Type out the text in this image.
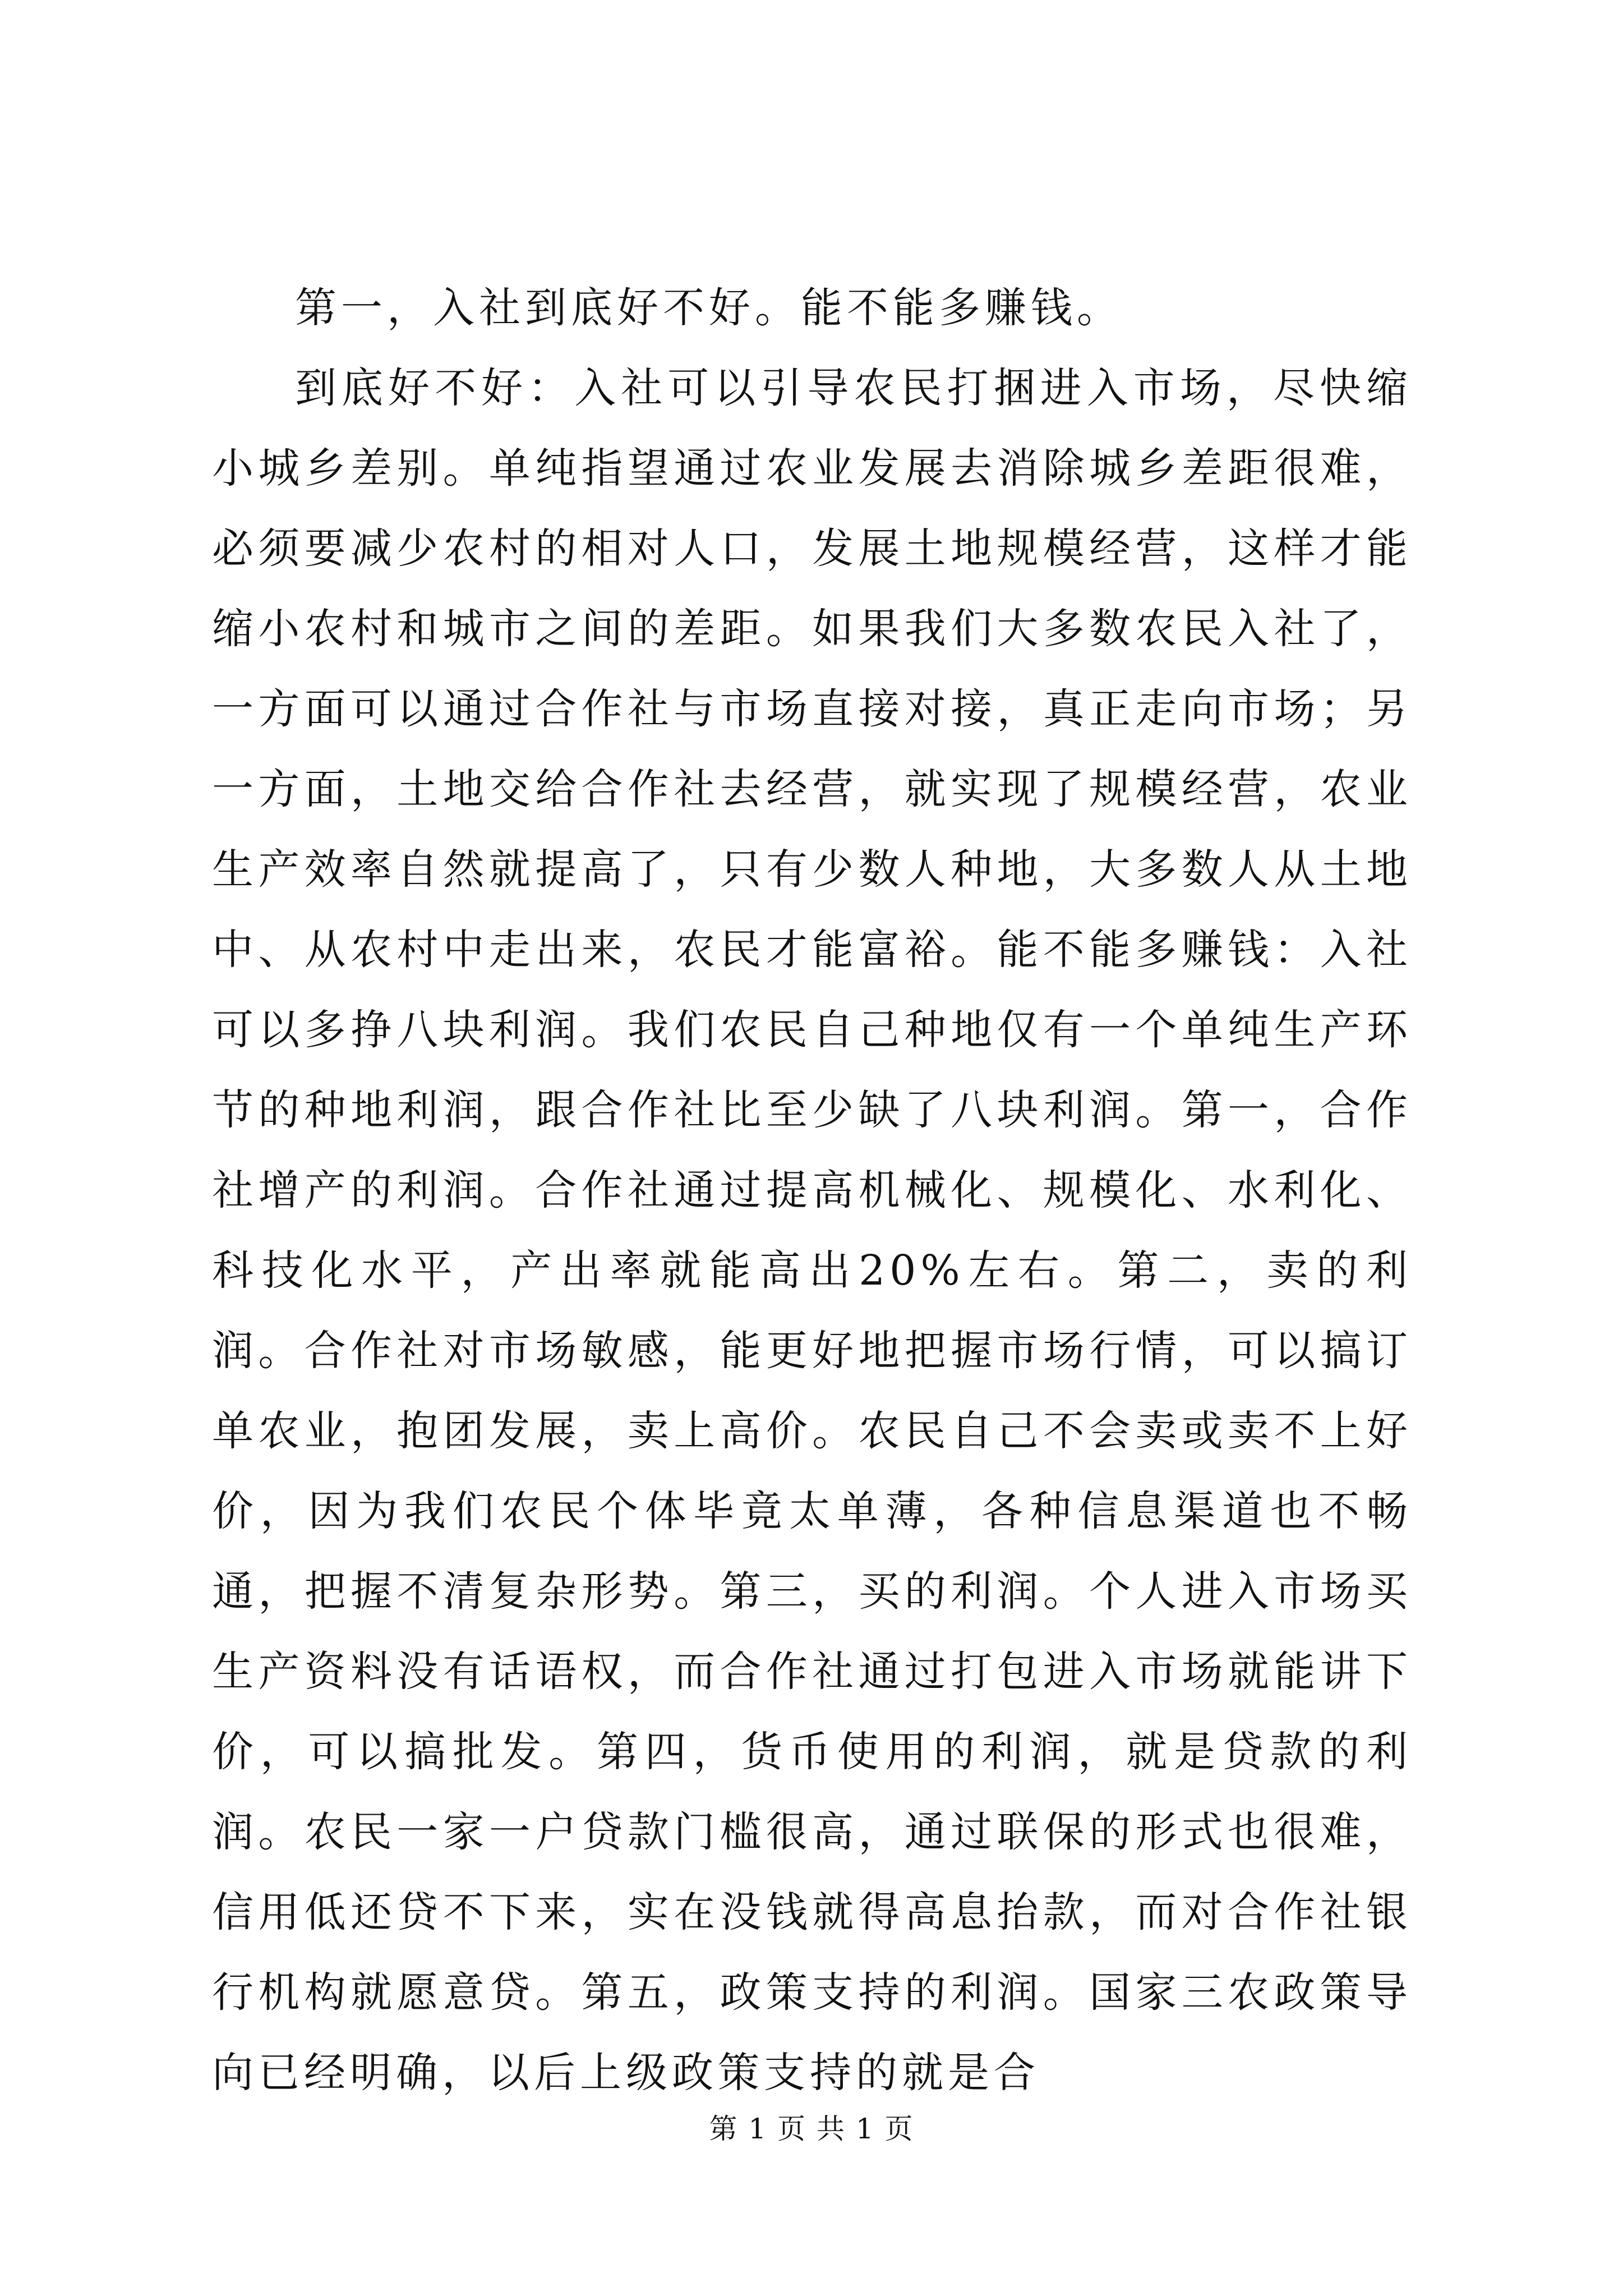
第一，入社到底好不好。能不能多赚钱。

到底好不好：入社可以引导农民打捆进入市场，尽快缩小城乡差别。单纯指望通过农业发展去消除城乡差距很难，必须要减少农村的相对人口，发展土地规模经营，这样才能缩小农村和城市之间的差距。如果我们大多数农民入社了，一方面可以通过合作社与市场直接对接，真正走向市场；另一方面，土地交给合作社去经营，就实现了规模经营，农业生产效率自然就提高了，只有少数人种地，大多数人从土地中、从农村中走出来，农民才能富裕。能不能多赚钱：入社可以多挣八块利润。我们农民自己种地仅有一个单纯生产环节的种地利润，跟合作社比至少缺了八块利润。第一，合作社增产的利润。合作社通过提高机械化、规模化、水利化、科技化水平，产出率就能高出20%左右。第二，卖的利润。合作社对市场敏感，能更好地把握市场行情，可以搞订单农业，抱团发展，卖上高价。农民自己不会卖或卖不上好价，因为我们农民个体毕竟太单薄，各种信息渠道也不畅通，把握不清复杂形势。第三，买的利润。个人进入市场买生产资料没有话语权，而合作社通过打包进入市场就能讲下价，可以搞批发。第四，货币使用的利润，就是贷款的利润。农民一家一户贷款门槛很高，通过联保的形式也很难，信用低还贷不下来，实在没钱就得高息抬款，而对合作社银行机构就愿意贷。第五，政策支持的利润。国家三农政策导向已经明确，以后上级政策支持的就是合

第 1 页 共 1 页
